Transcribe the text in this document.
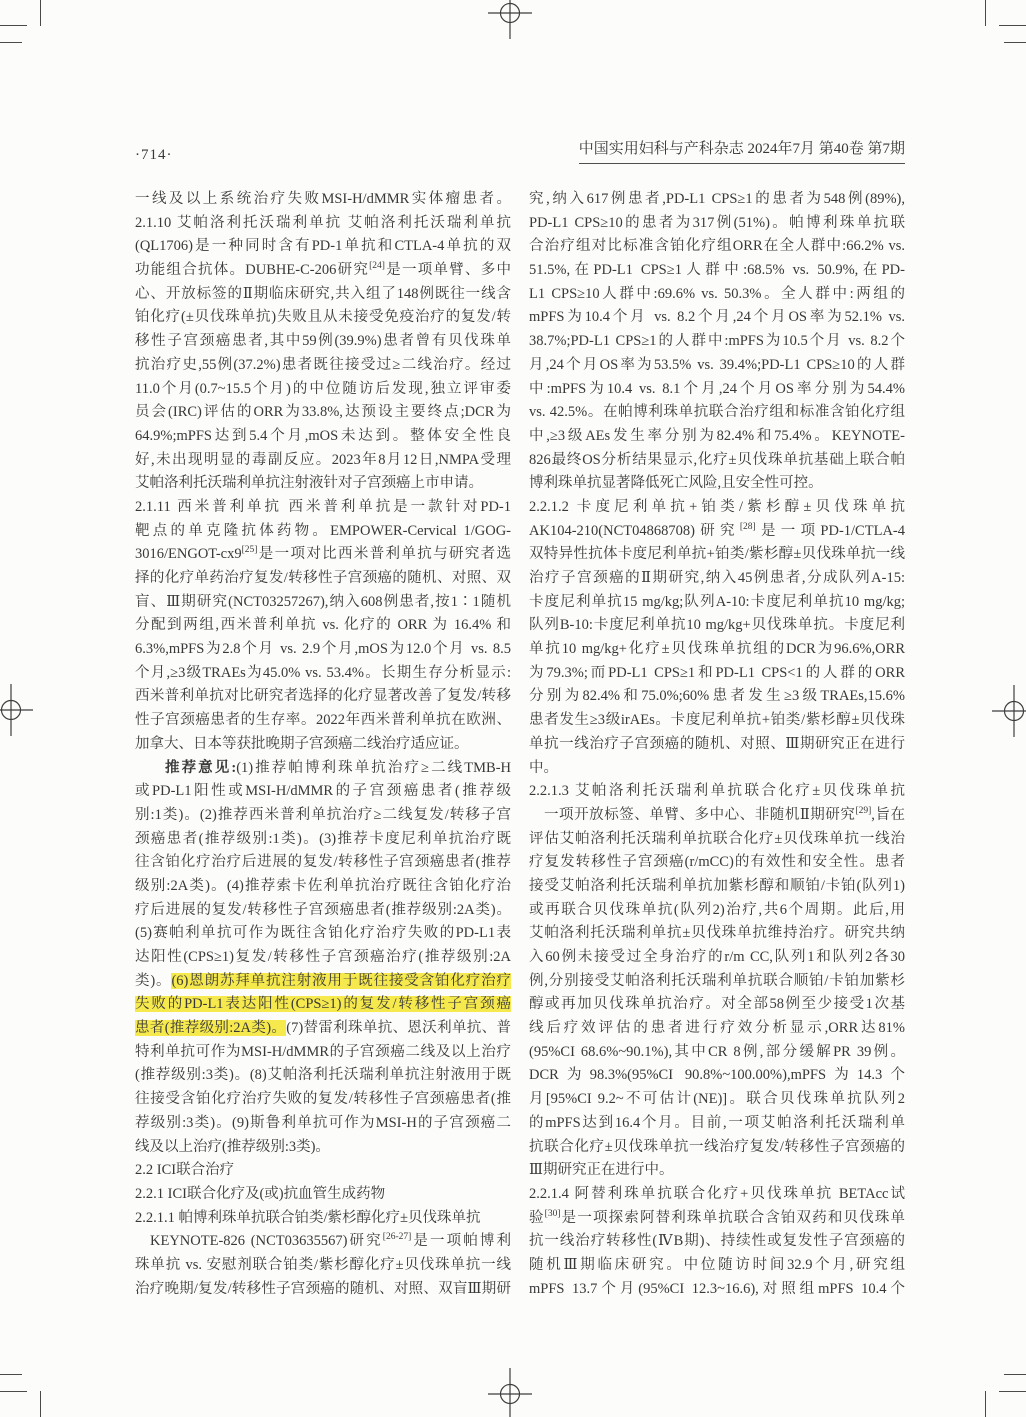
·714·	中国实用妇科与产科杂志 2024年7月 第40卷 第7期
一线及以上系统治疗失败MSI-H/dMMR实体瘤患者。
2.1.10 艾帕洛利托沃瑞利单抗 艾帕洛利托沃瑞利单抗
(QL1706)是一种同时含有PD-1单抗和CTLA-4单抗的双
功能组合抗体。DUBHE-C-206研究[24]是一项单臂、多中
心、开放标签的Ⅱ期临床研究,共入组了148例既往一线含
铂化疗(±贝伐珠单抗)失败且从未接受免疫治疗的复发/转
移性子宫颈癌患者,其中59例(39.9%)患者曾有贝伐珠单
抗治疗史,55例(37.2%)患者既往接受过≥二线治疗。经过
11.0个月(0.7~15.5个月)的中位随访后发现,独立评审委
员会(IRC)评估的ORR为33.8%,达预设主要终点;DCR为
64.9%;mPFS达到5.4个月,mOS未达到。整体安全性良
好,未出现明显的毒副反应。2023年8月12日,NMPA受理
艾帕洛利托沃瑞利单抗注射液针对子宫颈癌上市申请。
2.1.11 西米普利单抗 西米普利单抗是一款针对PD-1
靶点的单克隆抗体药物。EMPOWER-Cervical 1/GOG-
3016/ENGOT-cx9[25]是一项对比西米普利单抗与研究者选
择的化疗单药治疗复发/转移性子宫颈癌的随机、对照、双
盲、Ⅲ期研究(NCT03257267),纳入608例患者,按1∶1随机
分配到两组,西米普利单抗 vs. 化疗的 ORR 为 16.4% 和
6.3%,mPFS为2.8个月 vs. 2.9个月,mOS为12.0个月 vs. 8.5
个月,≥3级TRAEs为45.0% vs. 53.4%。长期生存分析显示:
西米普利单抗对比研究者选择的化疗显著改善了复发/转移
性子宫颈癌患者的生存率。2022年西米普利单抗在欧洲、
加拿大、日本等获批晚期子宫颈癌二线治疗适应证。
推荐意见:(1)推荐帕博利珠单抗治疗≥二线TMB-H
或PD-L1阳性或MSI-H/dMMR的子宫颈癌患者(推荐级
别:1类)。(2)推荐西米普利单抗治疗≥二线复发/转移子宫
颈癌患者(推荐级别:1类)。(3)推荐卡度尼利单抗治疗既
往含铂化疗治疗后进展的复发/转移性子宫颈癌患者(推荐
级别:2A类)。(4)推荐索卡佐利单抗治疗既往含铂化疗治
疗后进展的复发/转移性子宫颈癌患者(推荐级别:2A类)。
(5)赛帕利单抗可作为既往含铂化疗治疗失败的PD-L1表
达阳性(CPS≥1)复发/转移性子宫颈癌治疗(推荐级别:2A
类)。(6)恩朗苏拜单抗注射液用于既往接受含铂化疗治疗
失败的PD-L1表达阳性(CPS≥1)的复发/转移性子宫颈癌
患者(推荐级别:2A类)。(7)替雷利珠单抗、恩沃利单抗、普
特利单抗可作为MSI-H/dMMR的子宫颈癌二线及以上治疗
(推荐级别:3类)。(8)艾帕洛利托沃瑞利单抗注射液用于既
往接受含铂化疗治疗失败的复发/转移性子宫颈癌患者(推
荐级别:3类)。(9)斯鲁利单抗可作为MSI-H的子宫颈癌二
线及以上治疗(推荐级别:3类)。
2.2 ICI联合治疗
2.2.1 ICI联合化疗及(或)抗血管生成药物
2.2.1.1 帕博利珠单抗联合铂类/紫杉醇化疗±贝伐珠单抗
KEYNOTE-826 (NCT03635567)研究[26-27]是一项帕博利
珠单抗 vs. 安慰剂联合铂类/紫杉醇化疗±贝伐珠单抗一线
治疗晚期/复发/转移性子宫颈癌的随机、对照、双盲Ⅲ期研
究,纳入617例患者,PD-L1 CPS≥1的患者为548例(89%),
PD-L1 CPS≥10的患者为317例(51%)。帕博利珠单抗联
合治疗组对比标准含铂化疗组ORR在全人群中:66.2% vs.
51.5%,在PD-L1 CPS≥1人群中:68.5% vs. 50.9%,在PD-
L1 CPS≥10人群中:69.6% vs. 50.3%。全人群中:两组的
mPFS为10.4个月 vs. 8.2个月,24个月OS率为52.1% vs.
38.7%;PD-L1 CPS≥1的人群中:mPFS为10.5个月 vs. 8.2个
月,24个月OS率为53.5% vs. 39.4%;PD-L1 CPS≥10的人群
中:mPFS为10.4 vs. 8.1个月,24个月OS率分别为54.4%
vs. 42.5%。在帕博利珠单抗联合治疗组和标准含铂化疗组
中,≥3级AEs发生率分别为82.4%和75.4%。KEYNOTE-
826最终OS分析结果显示,化疗±贝伐珠单抗基础上联合帕
博利珠单抗显著降低死亡风险,且安全性可控。
2.2.1.2 卡度尼利单抗+铂类/紫杉醇±贝伐珠单抗
AK104-210(NCT04868708)研究[28]是一项PD-1/CTLA-4
双特异性抗体卡度尼利单抗+铂类/紫杉醇±贝伐珠单抗一线
治疗子宫颈癌的Ⅱ期研究,纳入45例患者,分成队列A-15:
卡度尼利单抗15 mg/kg;队列A-10:卡度尼利单抗10 mg/kg;
队列B-10:卡度尼利单抗10 mg/kg+贝伐珠单抗。卡度尼利
单抗10 mg/kg+化疗±贝伐珠单抗组的DCR为96.6%,ORR
为79.3%;而PD-L1 CPS≥1和PD-L1 CPS<1的人群的ORR
分别为82.4%和75.0%;60%患者发生≥3级TRAEs,15.6%
患者发生≥3级irAEs。卡度尼利单抗+铂类/紫杉醇±贝伐珠
单抗一线治疗子宫颈癌的随机、对照、Ⅲ期研究正在进行
中。
2.2.1.3 艾帕洛利托沃瑞利单抗联合化疗±贝伐珠单抗
一项开放标签、单臂、多中心、非随机Ⅱ期研究[29],旨在
评估艾帕洛利托沃瑞利单抗联合化疗±贝伐珠单抗一线治
疗复发转移性子宫颈癌(r/mCC)的有效性和安全性。患者
接受艾帕洛利托沃瑞利单抗加紫杉醇和顺铂/卡铂(队列1)
或再联合贝伐珠单抗(队列2)治疗,共6个周期。此后,用
艾帕洛利托沃瑞利单抗±贝伐珠单抗维持治疗。研究共纳
入60例未接受过全身治疗的r/m CC,队列1和队列2各30
例,分别接受艾帕洛利托沃瑞利单抗联合顺铂/卡铂加紫杉
醇或再加贝伐珠单抗治疗。对全部58例至少接受1次基
线后疗效评估的患者进行疗效分析显示,ORR达81%
(95%CI 68.6%~90.1%),其中CR 8例,部分缓解PR 39例。
DCR为98.3%(95%CI 90.8%~100.00%),mPFS为14.3个
月[95%CI 9.2~不可估计(NE)]。联合贝伐珠单抗队列2
的mPFS达到16.4个月。目前,一项艾帕洛利托沃瑞利单
抗联合化疗±贝伐珠单抗一线治疗复发/转移性子宫颈癌的
Ⅲ期研究正在进行中。
2.2.1.4 阿替利珠单抗联合化疗+贝伐珠单抗 BETAcc试
验[30]是一项探索阿替利珠单抗联合含铂双药和贝伐珠单
抗一线治疗转移性(ⅣB期)、持续性或复发性子宫颈癌的
随机Ⅲ期临床研究。中位随访时间32.9个月,研究组
mPFS 13.7个月(95%CI 12.3~16.6),对照组mPFS 10.4个
